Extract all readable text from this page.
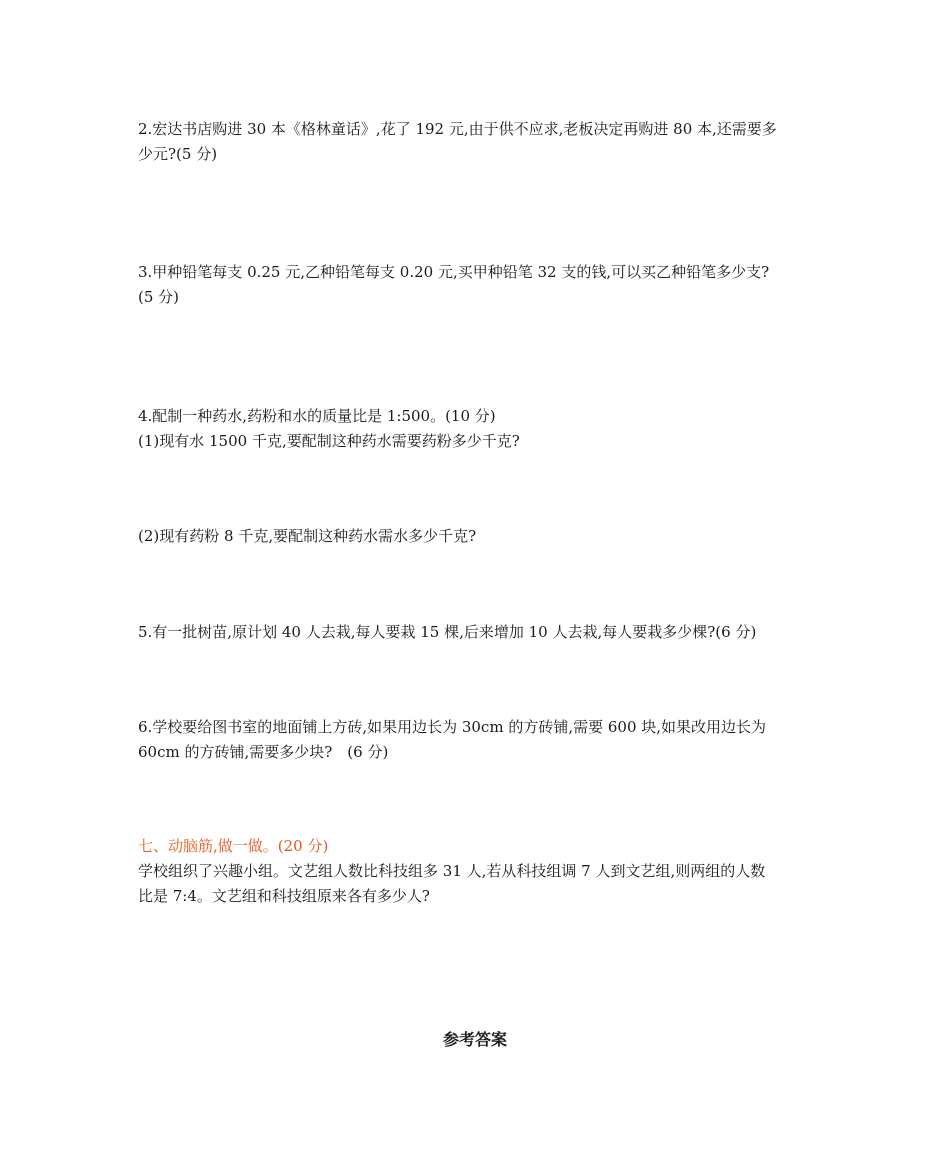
2.宏达书店购进 30 本《格林童话》,花了 192 元,由于供不应求,老板决定再购进 80 本,还需要多
少元?(5 分)
3.甲种铅笔每支 0.25 元,乙种铅笔每支 0.20 元,买甲种铅笔 32 支的钱,可以买乙种铅笔多少支?
(5 分)
4.配制一种药水,药粉和水的质量比是 1:500。(10 分)
(1)现有水 1500 千克,要配制这种药水需要药粉多少千克?
(2)现有药粉 8 千克,要配制这种药水需水多少千克?
5.有一批树苗,原计划 40 人去栽,每人要栽 15 棵,后来增加 10 人去栽,每人要栽多少棵?(6 分)
6.学校要给图书室的地面铺上方砖,如果用边长为 30cm 的方砖铺,需要 600 块,如果改用边长为
60cm 的方砖铺,需要多少块?　(6 分)
七、动脑筋,做一做。(20 分)
学校组织了兴趣小组。文艺组人数比科技组多 31 人,若从科技组调 7 人到文艺组,则两组的人数
比是 7:4。文艺组和科技组原来各有多少人?
参考答案
